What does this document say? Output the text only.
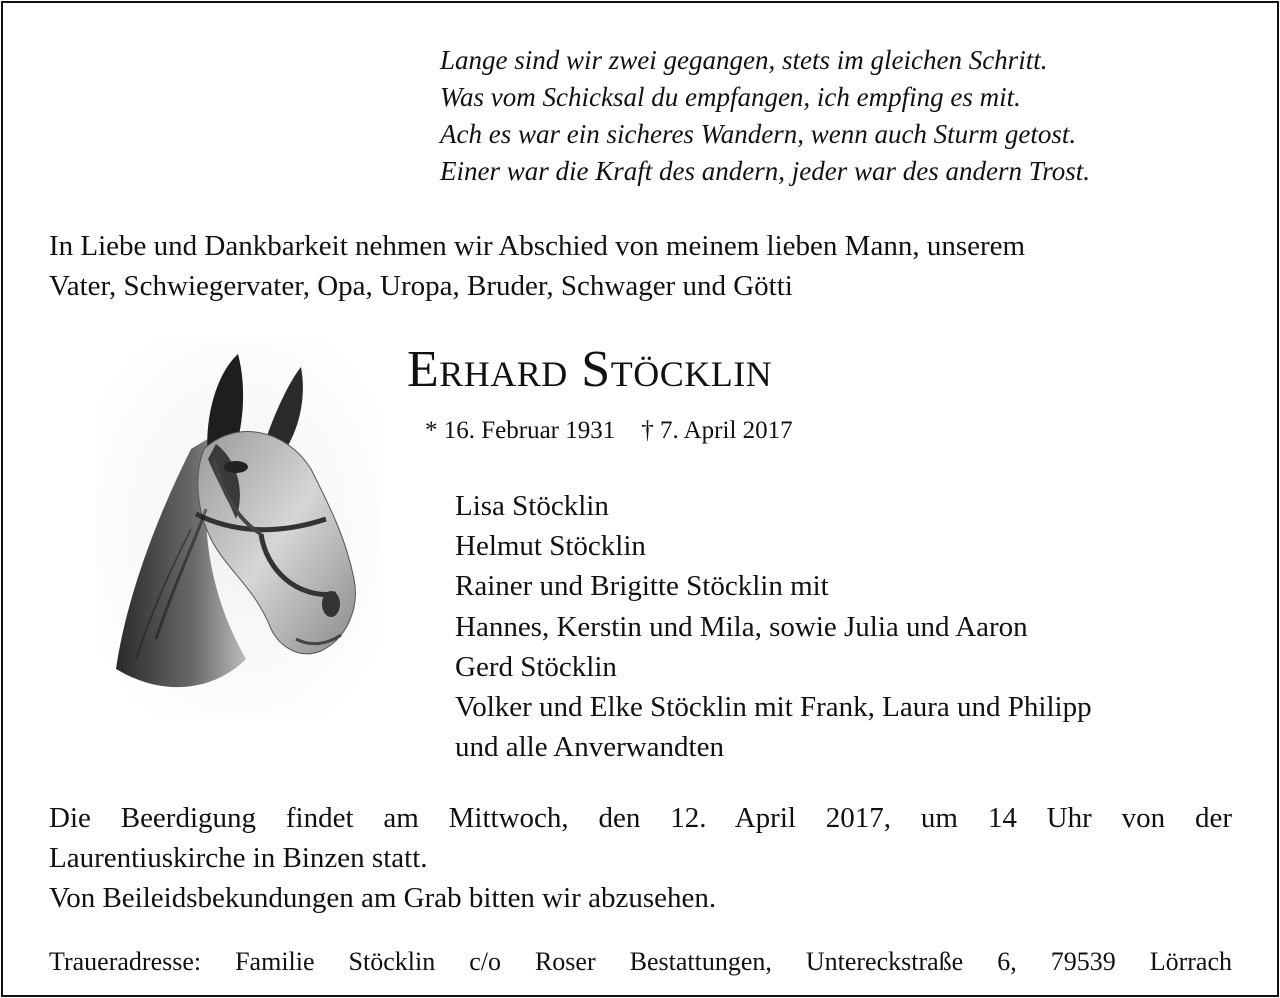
Lange sind wir zwei gegangen, stets im gleichen Schritt.
Was vom Schicksal du empfangen, ich empfing es mit.
Ach es war ein sicheres Wandern, wenn auch Sturm getost.
Einer war die Kraft des andern, jeder war des andern Trost.
In Liebe und Dankbarkeit nehmen wir Abschied von meinem lieben Mann, unserem
Vater, Schwiegervater, Opa, Uropa, Bruder, Schwager und Götti
Erhard Stöcklin
* 16. Februar 1931 † 7. April 2017
Lisa Stöcklin
Helmut Stöcklin
Rainer und Brigitte Stöcklin mit
Hannes, Kerstin und Mila, sowie Julia und Aaron
Gerd Stöcklin
Volker und Elke Stöcklin mit Frank, Laura und Philipp
und alle Anverwandten
Die Beerdigung findet am Mittwoch, den 12. April 2017, um 14 Uhr von der
Laurentiuskirche in Binzen statt.
Von Beileidsbekundungen am Grab bitten wir abzusehen.
Traueradresse: Familie Stöcklin c/o Roser Bestattungen, Untereckstraße 6, 79539 Lörrach
